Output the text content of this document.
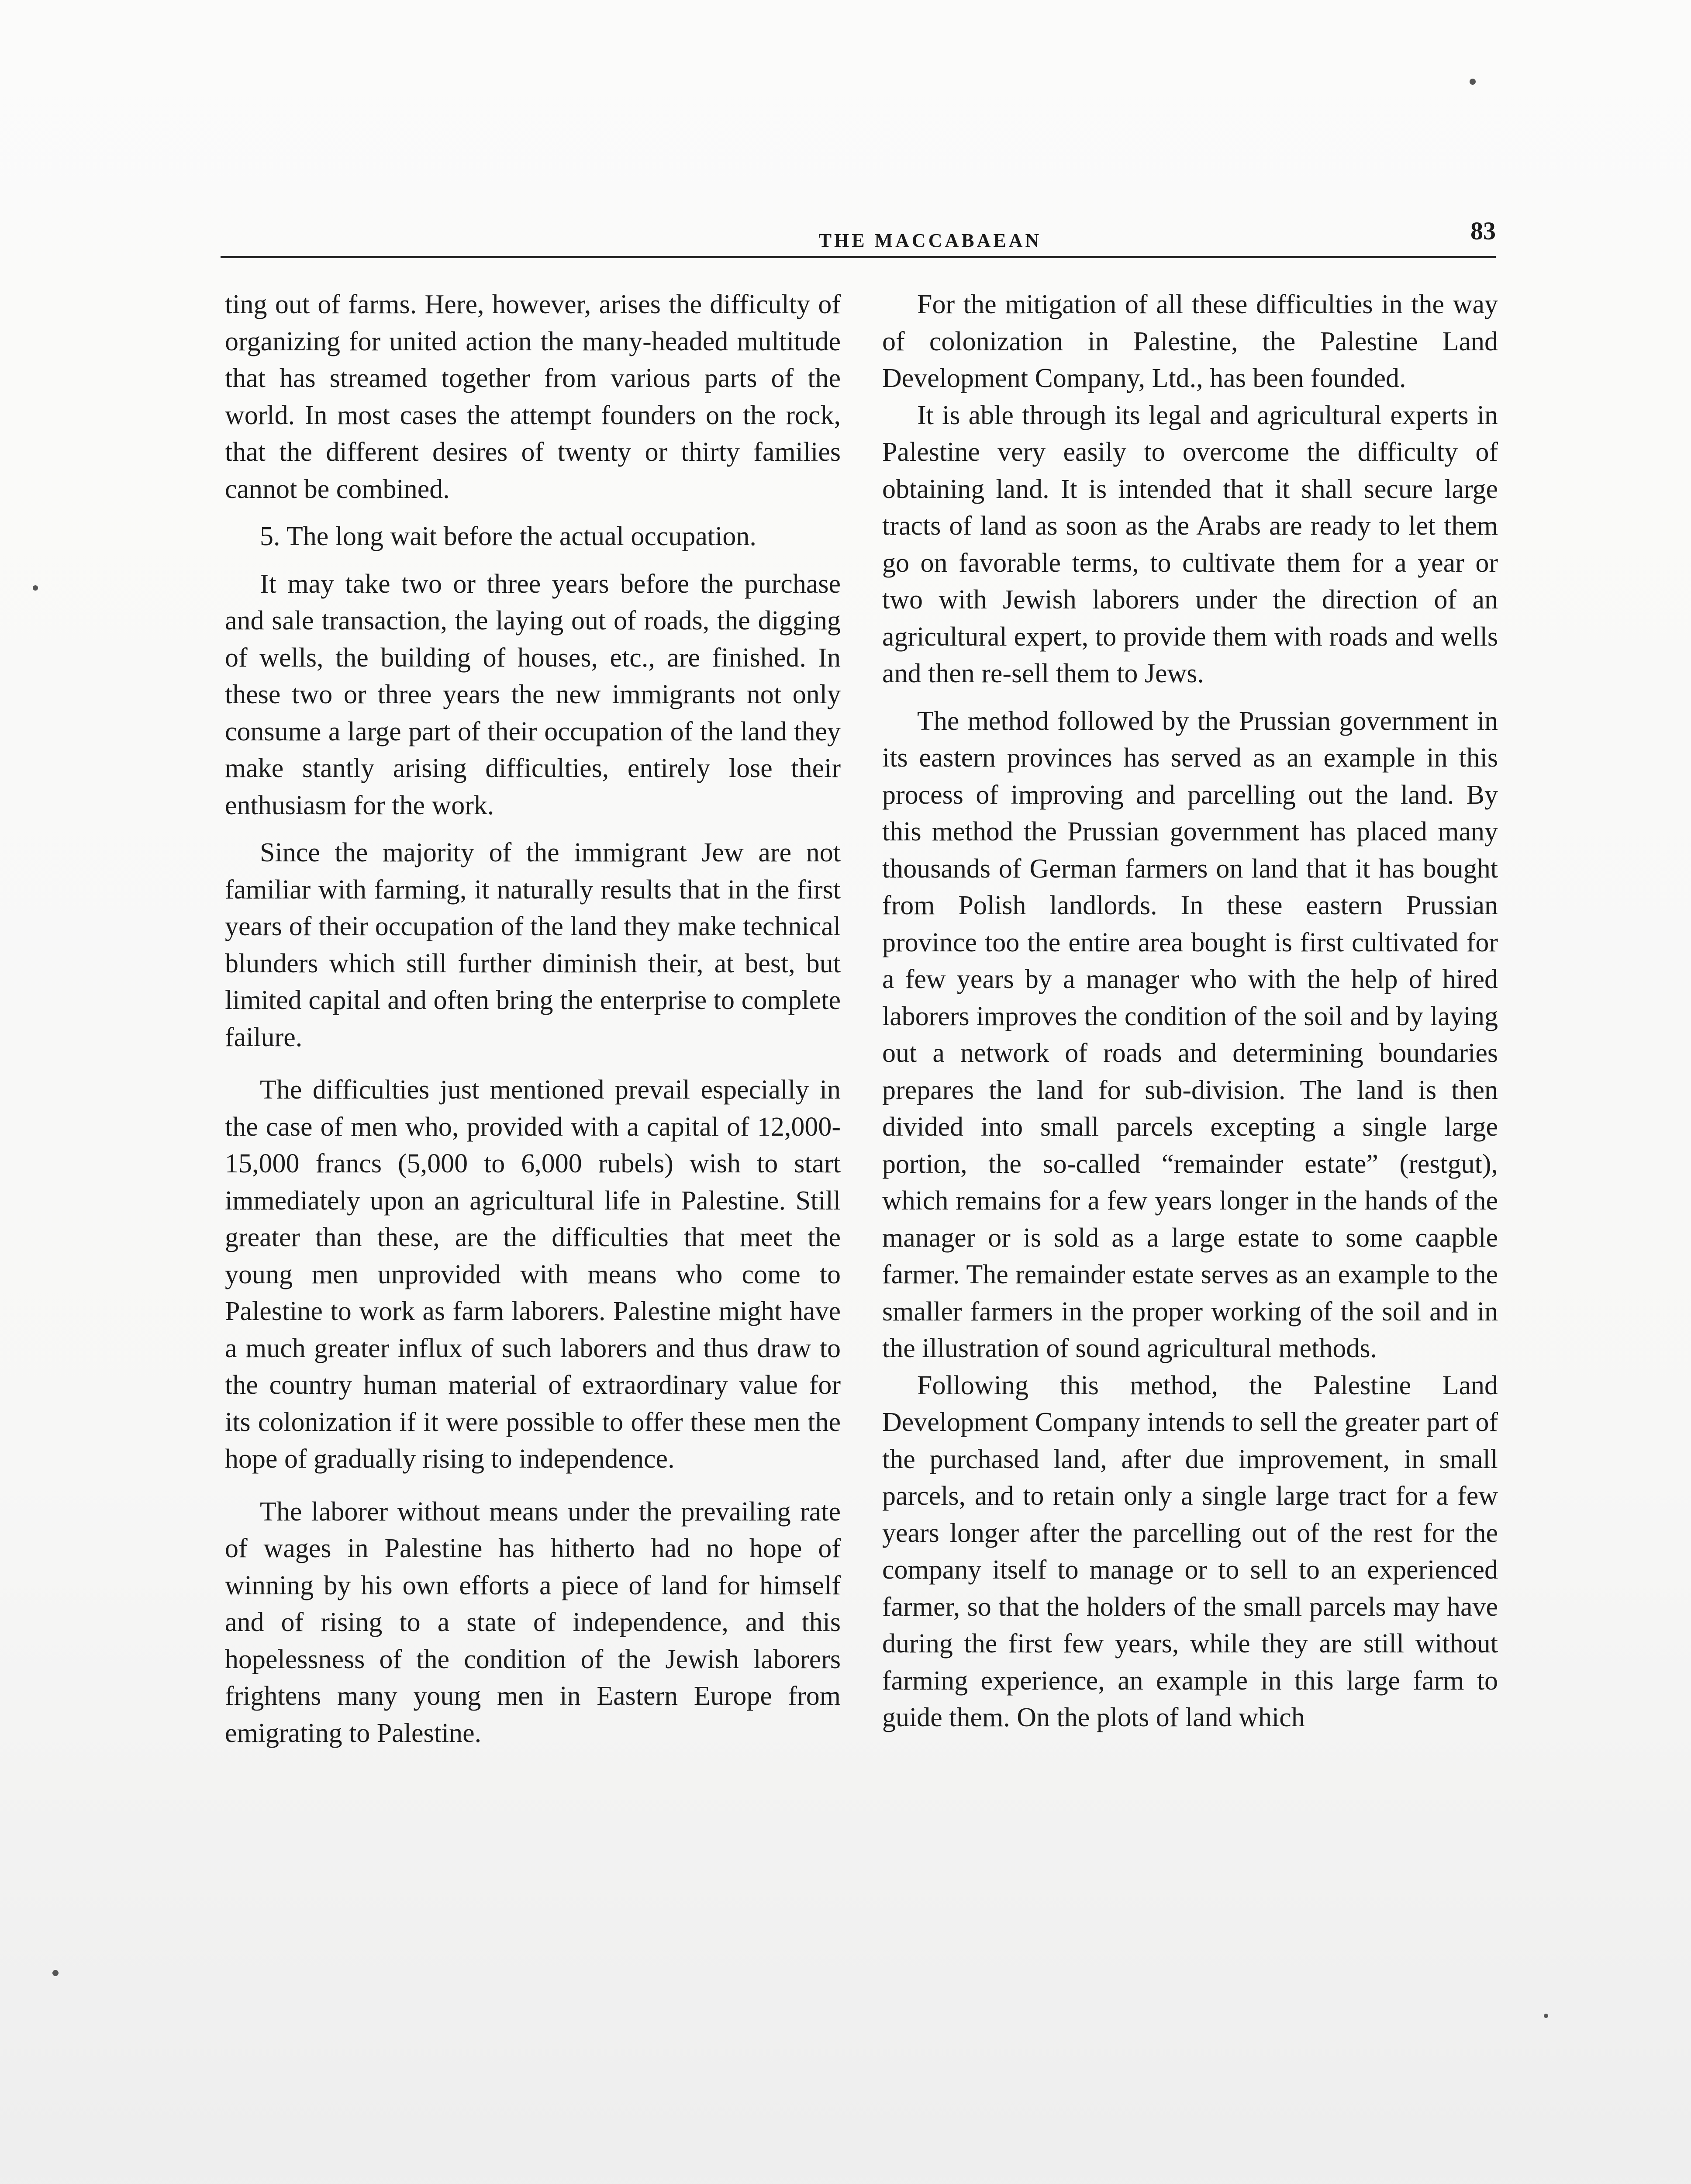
THE MACCABAEAN	83

ting out of farms. Here, however, arises the difficulty of organizing for united action the many-headed multitude that has streamed together from various parts of the world. In most cases the attempt founders on the rock, that the different desires of twenty or thirty families cannot be combined.

5. The long wait before the actual occupation.

It may take two or three years before the purchase and sale transaction, the laying out of roads, the digging of wells, the building of houses, etc., are finished. In these two or three years the new immigrants not only consume a large part of their occupation of the land they make stantly arising difficulties, entirely lose their enthusiasm for the work.

Since the majority of the immigrant Jew are not familiar with farming, it naturally results that in the first years of their occupation of the land they make technical blunders which still further diminish their, at best, but limited capital and often bring the enterprise to complete failure.

The difficulties just mentioned prevail especially in the case of men who, provided with a capital of 12,000-15,000 francs (5,000 to 6,000 rubels) wish to start immediately upon an agricultural life in Palestine. Still greater than these, are the difficulties that meet the young men unprovided with means who come to Palestine to work as farm laborers. Palestine might have a much greater influx of such laborers and thus draw to the country human material of extraordinary value for its colonization if it were possible to offer these men the hope of gradually rising to independence.

The laborer without means under the prevailing rate of wages in Palestine has hitherto had no hope of winning by his own efforts a piece of land for himself and of rising to a state of independence, and this hopelessness of the condition of the Jewish laborers frightens many young men in Eastern Europe from emigrating to Palestine.

For the mitigation of all these difficulties in the way of colonization in Palestine, the Palestine Land Development Company, Ltd., has been founded.

It is able through its legal and agricultural experts in Palestine very easily to overcome the difficulty of obtaining land. It is intended that it shall secure large tracts of land as soon as the Arabs are ready to let them go on favorable terms, to cultivate them for a year or two with Jewish laborers under the direction of an agricultural expert, to provide them with roads and wells and then re-sell them to Jews.

The method followed by the Prussian government in its eastern provinces has served as an example in this process of improving and parcelling out the land. By this method the Prussian government has placed many thousands of German farmers on land that it has bought from Polish landlords. In these eastern Prussian province too the entire area bought is first cultivated for a few years by a manager who with the help of hired laborers improves the condition of the soil and by laying out a network of roads and determining boundaries prepares the land for sub-division. The land is then divided into small parcels excepting a single large portion, the so-called “remainder estate” (restgut), which remains for a few years longer in the hands of the manager or is sold as a large estate to some caapble farmer. The remainder estate serves as an example to the smaller farmers in the proper working of the soil and in the illustration of sound agricultural methods.

Following this method, the Palestine Land Development Company intends to sell the greater part of the purchased land, after due improvement, in small parcels, and to retain only a single large tract for a few years longer after the parcelling out of the rest for the company itself to manage or to sell to an experienced farmer, so that the holders of the small parcels may have during the first few years, while they are still without farming experience, an example in this large farm to guide them. On the plots of land which
